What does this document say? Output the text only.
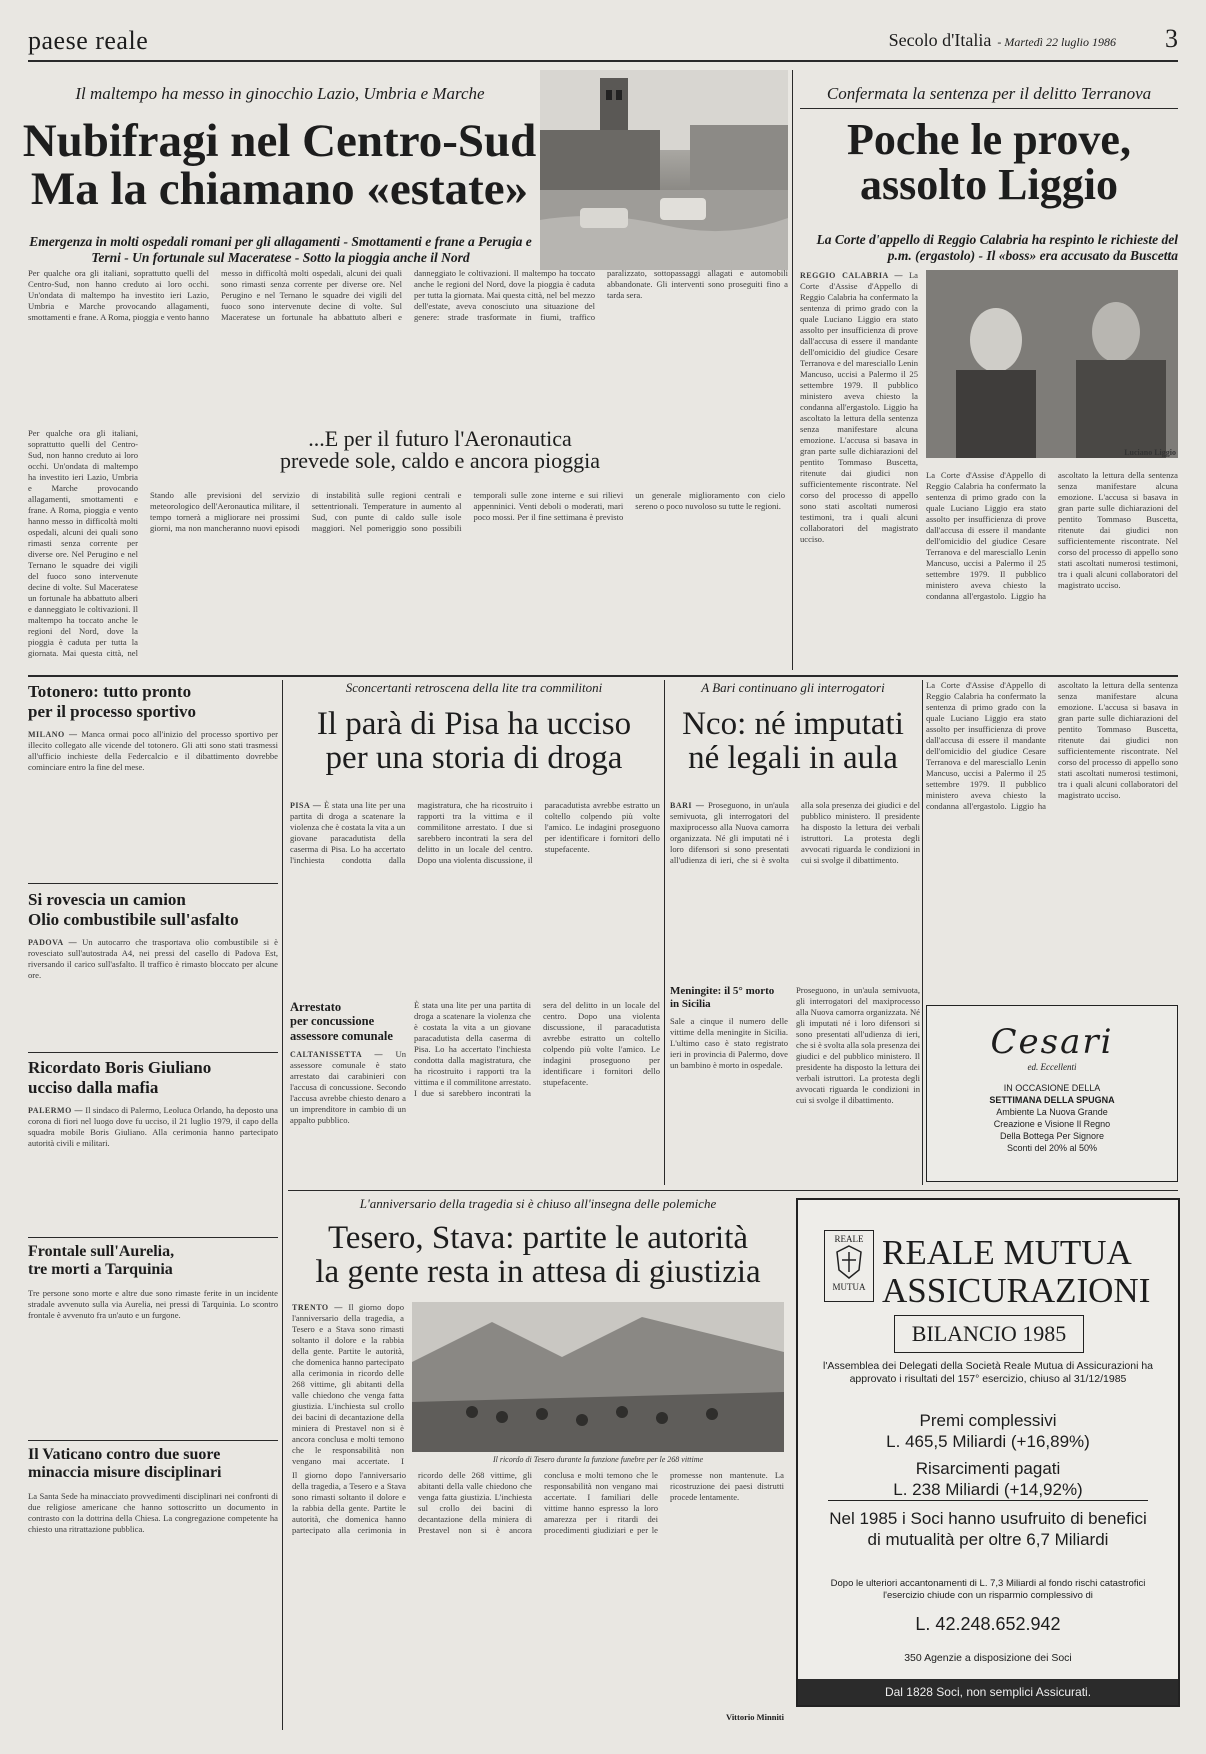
paese reale	Secolo d'Italia - Martedì 22 luglio 1986 3
Il maltempo ha messo in ginocchio Lazio, Umbria e Marche
Nubifragi nel Centro-Sud
Ma la chiamano «estate»
Emergenza in molti ospedali romani per gli allagamenti - Smottamenti e frane a Perugia e Terni - Un fortunale sul Maceratese - Sotto la pioggia anche il Nord
Per qualche ora gli italiani, soprattutto quelli del Centro-Sud, non hanno creduto ai loro occhi. Un'ondata di maltempo ha investito ieri Lazio, Umbria e Marche provocando allagamenti, smottamenti e frane. A Roma, pioggia e vento hanno messo in difficoltà molti ospedali, alcuni dei quali sono rimasti senza corrente per diverse ore. Nel Perugino e nel Ternano le squadre dei vigili del fuoco sono intervenute decine di volte. Sul Maceratese un fortunale ha abbattuto alberi e danneggiato le coltivazioni. Il maltempo ha toccato anche le regioni del Nord, dove la pioggia è caduta per tutta la giornata. Mai questa città, nel bel mezzo dell'estate, aveva conosciuto una situazione del genere: strade trasformate in fiumi, traffico paralizzato, sottopassaggi allagati e automobili abbandonate. Gli interventi sono proseguiti fino a tarda sera.
...E per il futuro l'Aeronautica
prevede sole, caldo e ancora pioggia
Stando alle previsioni del servizio meteorologico dell'Aeronautica militare, il tempo tornerà a migliorare nei prossimi giorni, ma non mancheranno nuovi episodi di instabilità sulle regioni centrali e settentrionali. Temperature in aumento al Sud, con punte di caldo sulle isole maggiori. Nel pomeriggio sono possibili temporali sulle zone interne e sui rilievi appenninici. Venti deboli o moderati, mari poco mossi. Per il fine settimana è previsto un generale miglioramento con cielo sereno o poco nuvoloso su tutte le regioni.
Per qualche ora gli italiani, soprattutto quelli del Centro-Sud, non hanno creduto ai loro occhi. Un'ondata di maltempo ha investito ieri Lazio, Umbria e Marche provocando allagamenti, smottamenti e frane. A Roma, pioggia e vento hanno messo in difficoltà molti ospedali, alcuni dei quali sono rimasti senza corrente per diverse ore. Nel Perugino e nel Ternano le squadre dei vigili del fuoco sono intervenute decine di volte. Sul Maceratese un fortunale ha abbattuto alberi e danneggiato le coltivazioni. Il maltempo ha toccato anche le regioni del Nord, dove la pioggia è caduta per tutta la giornata. Mai questa città, nel
Confermata la sentenza per il delitto Terranova
Poche le prove,
assolto Liggio
La Corte d'appello di Reggio Calabria ha respinto le richieste del p.m. (ergastolo) - Il «boss» era accusato da Buscetta
REGGIO CALABRIA — La Corte d'Assise d'Appello di Reggio Calabria ha confermato la sentenza di primo grado con la quale Luciano Liggio era stato assolto per insufficienza di prove dall'accusa di essere il mandante dell'omicidio del giudice Cesare Terranova e del maresciallo Lenin Mancuso, uccisi a Palermo il 25 settembre 1979. Il pubblico ministero aveva chiesto la condanna all'ergastolo. Liggio ha ascoltato la lettura della sentenza senza manifestare alcuna emozione. L'accusa si basava in gran parte sulle dichiarazioni del pentito Tommaso Buscetta, ritenute dai giudici non sufficientemente riscontrate. Nel corso del processo di appello sono stati ascoltati numerosi testimoni, tra i quali alcuni collaboratori del magistrato ucciso.
Luciano Liggio
La Corte d'Assise d'Appello di Reggio Calabria ha confermato la sentenza di primo grado con la quale Luciano Liggio era stato assolto per insufficienza di prove dall'accusa di essere il mandante dell'omicidio del giudice Cesare Terranova e del maresciallo Lenin Mancuso, uccisi a Palermo il 25 settembre 1979. Il pubblico ministero aveva chiesto la condanna all'ergastolo. Liggio ha ascoltato la lettura della sentenza senza manifestare alcuna emozione. L'accusa si basava in gran parte sulle dichiarazioni del pentito Tommaso Buscetta, ritenute dai giudici non sufficientemente riscontrate. Nel corso del processo di appello sono stati ascoltati numerosi testimoni, tra i quali alcuni collaboratori del magistrato ucciso.
Totonero: tutto pronto
per il processo sportivo
MILANO — Manca ormai poco all'inizio del processo sportivo per illecito collegato alle vicende del totonero. Gli atti sono stati trasmessi all'ufficio inchieste della Federcalcio e il dibattimento dovrebbe cominciare entro la fine del mese.
Si rovescia un camion
Olio combustibile sull'asfalto
PADOVA — Un autocarro che trasportava olio combustibile si è rovesciato sull'autostrada A4, nei pressi del casello di Padova Est, riversando il carico sull'asfalto. Il traffico è rimasto bloccato per alcune ore.
Ricordato Boris Giuliano
ucciso dalla mafia
PALERMO — Il sindaco di Palermo, Leoluca Orlando, ha deposto una corona di fiori nel luogo dove fu ucciso, il 21 luglio 1979, il capo della squadra mobile Boris Giuliano. Alla cerimonia hanno partecipato autorità civili e militari.
Frontale sull'Aurelia,
tre morti a Tarquinia
Tre persone sono morte e altre due sono rimaste ferite in un incidente stradale avvenuto sulla via Aurelia, nei pressi di Tarquinia. Lo scontro frontale è avvenuto fra un'auto e un furgone.
Il Vaticano contro due suore
minaccia misure disciplinari
La Santa Sede ha minacciato provvedimenti disciplinari nei confronti di due religiose americane che hanno sottoscritto un documento in contrasto con la dottrina della Chiesa. La congregazione competente ha chiesto una ritrattazione pubblica.
Sconcertanti retroscena della lite tra commilitoni
Il parà di Pisa ha ucciso
per una storia di droga
PISA — È stata una lite per una partita di droga a scatenare la violenza che è costata la vita a un giovane paracadutista della caserma di Pisa. Lo ha accertato l'inchiesta condotta dalla magistratura, che ha ricostruito i rapporti tra la vittima e il commilitone arrestato. I due si sarebbero incontrati la sera del delitto in un locale del centro. Dopo una violenta discussione, il paracadutista avrebbe estratto un coltello colpendo più volte l'amico. Le indagini proseguono per identificare i fornitori dello stupefacente.
Arrestato
per concussione
assessore comunale
CALTANISSETTA — Un assessore comunale è stato arrestato dai carabinieri con l'accusa di concussione. Secondo l'accusa avrebbe chiesto denaro a un imprenditore in cambio di un appalto pubblico.
È stata una lite per una partita di droga a scatenare la violenza che è costata la vita a un giovane paracadutista della caserma di Pisa. Lo ha accertato l'inchiesta condotta dalla magistratura, che ha ricostruito i rapporti tra la vittima e il commilitone arrestato. I due si sarebbero incontrati la sera del delitto in un locale del centro. Dopo una violenta discussione, il paracadutista avrebbe estratto un coltello colpendo più volte l'amico. Le indagini proseguono per identificare i fornitori dello stupefacente.
A Bari continuano gli interrogatori
Nco: né imputati
né legali in aula
BARI — Proseguono, in un'aula semivuota, gli interrogatori del maxiprocesso alla Nuova camorra organizzata. Né gli imputati né i loro difensori si sono presentati all'udienza di ieri, che si è svolta alla sola presenza dei giudici e del pubblico ministero. Il presidente ha disposto la lettura dei verbali istruttori. La protesta degli avvocati riguarda le condizioni in cui si svolge il dibattimento.
Meningite: il 5° morto
in Sicilia
Sale a cinque il numero delle vittime della meningite in Sicilia. L'ultimo caso è stato registrato ieri in provincia di Palermo, dove un bambino è morto in ospedale.
Proseguono, in un'aula semivuota, gli interrogatori del maxiprocesso alla Nuova camorra organizzata. Né gli imputati né i loro difensori si sono presentati all'udienza di ieri, che si è svolta alla sola presenza dei giudici e del pubblico ministero. Il presidente ha disposto la lettura dei verbali istruttori. La protesta degli avvocati riguarda le condizioni in cui si svolge il dibattimento.
La Corte d'Assise d'Appello di Reggio Calabria ha confermato la sentenza di primo grado con la quale Luciano Liggio era stato assolto per insufficienza di prove dall'accusa di essere il mandante dell'omicidio del giudice Cesare Terranova e del maresciallo Lenin Mancuso, uccisi a Palermo il 25 settembre 1979. Il pubblico ministero aveva chiesto la condanna all'ergastolo. Liggio ha ascoltato la lettura della sentenza senza manifestare alcuna emozione. L'accusa si basava in gran parte sulle dichiarazioni del pentito Tommaso Buscetta, ritenute dai giudici non sufficientemente riscontrate. Nel corso del processo di appello sono stati ascoltati numerosi testimoni, tra i quali alcuni collaboratori del magistrato ucciso.
Cesari
ed. Eccellenti
IN OCCASIONE DELLA
SETTIMANA DELLA SPUGNA
Ambiente La Nuova Grande
Creazione e Visione Il Regno
Della Bottega Per Signore
Sconti del 20% al 50%
L'anniversario della tragedia si è chiuso all'insegna delle polemiche
Tesero, Stava: partite le autorità
la gente resta in attesa di giustizia
TRENTO — Il giorno dopo l'anniversario della tragedia, a Tesero e a Stava sono rimasti soltanto il dolore e la rabbia della gente. Partite le autorità, che domenica hanno partecipato alla cerimonia in ricordo delle 268 vittime, gli abitanti della valle chiedono che venga fatta giustizia. L'inchiesta sul crollo dei bacini di decantazione della miniera di Prestavel non si è ancora conclusa e molti temono che le responsabilità non vengano mai accertate. I	Il ricordo di Tesero durante la funzione funebre per le 268 vittime
Il giorno dopo l'anniversario della tragedia, a Tesero e a Stava sono rimasti soltanto il dolore e la rabbia della gente. Partite le autorità, che domenica hanno partecipato alla cerimonia in ricordo delle 268 vittime, gli abitanti della valle chiedono che venga fatta giustizia. L'inchiesta sul crollo dei bacini di decantazione della miniera di Prestavel non si è ancora conclusa e molti temono che le responsabilità non vengano mai accertate. I familiari delle vittime hanno espresso la loro amarezza per i ritardi dei procedimenti giudiziari e per le promesse non mantenute. La ricostruzione dei paesi distrutti procede lentamente.
Vittorio Minniti
REALE
MUTUA
REALE MUTUA
ASSICURAZIONI
BILANCIO 1985
l'Assemblea dei Delegati della Società Reale Mutua di Assicurazioni ha approvato i risultati del 157° esercizio, chiuso al 31/12/1985
Premi complessivi
L. 465,5 Miliardi (+16,89%)
Risarcimenti pagati
L. 238 Miliardi (+14,92%)
Nel 1985 i Soci hanno usufruito di benefici di mutualità per oltre 6,7 Miliardi
Dopo le ulteriori accantonamenti di L. 7,3 Miliardi al fondo rischi catastrofici l'esercizio chiude con un risparmio complessivo di
L. 42.248.652.942
350 Agenzie a disposizione dei Soci
Dal 1828 Soci, non semplici Assicurati.
